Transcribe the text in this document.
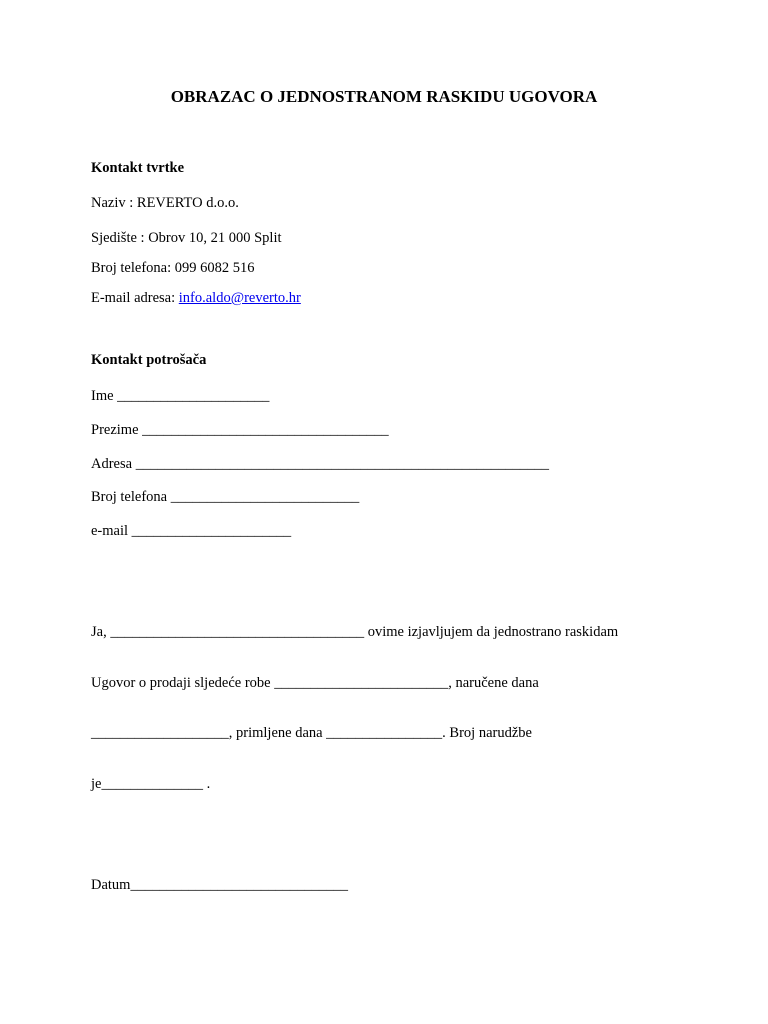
OBRAZAC O JEDNOSTRANOM RASKIDU UGOVORA
Kontakt tvrtke
Naziv : REVERTO d.o.o.
Sjedište : Obrov 10, 21 000 Split
Broj telefona: 099 6082 516
E-mail adresa: info.aldo@reverto.hr
Kontakt potrošača
Ime _____________________
Prezime __________________________________
Adresa _________________________________________________________
Broj telefona __________________________
e-mail ______________________
Ja, ___________________________________ ovime izjavljujem da jednostrano raskidam
Ugovor o prodaji sljedeće robe ________________________, naručene dana
___________________, primljene dana ________________. Broj narudžbe
je______________ .
Datum______________________________
